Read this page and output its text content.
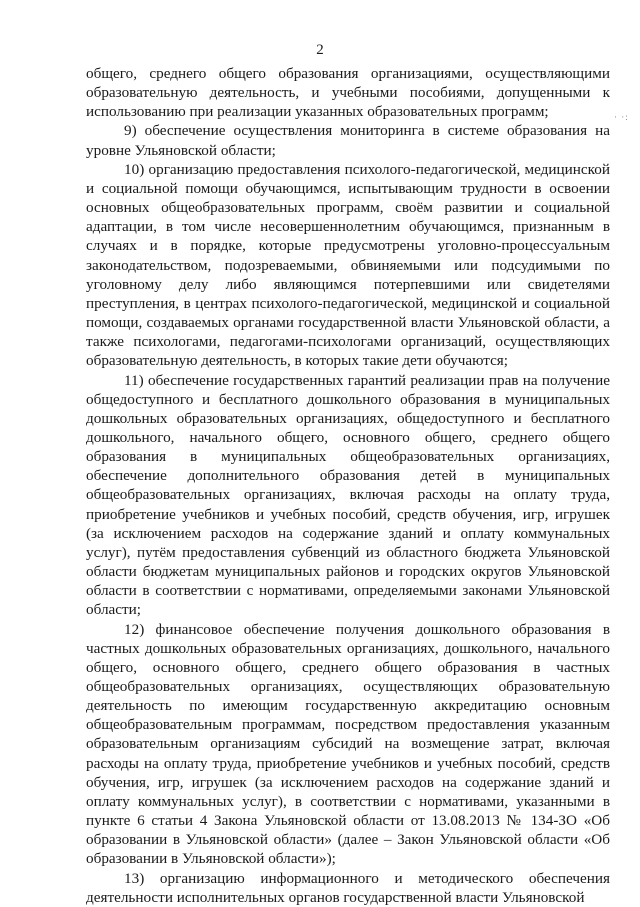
2
· ·:

общего, среднего общего образования организациями, осуществляющими образовательную деятельность, и учебными пособиями, допущенными к использованию при реализации указанных образовательных программ;

9) обеспечение осуществления мониторинга в системе образования на уровне Ульяновской области;

10) организацию предоставления психолого-педагогической, медицинской и социальной помощи обучающимся, испытывающим трудности в освоении основных общеобразовательных программ, своём развитии и социальной адаптации, в том числе несовершеннолетним обучающимся, признанным в случаях и в порядке, которые предусмотрены уголовно-процессуальным законодательством, подозреваемыми, обвиняемыми или подсудимыми по уголовному делу либо являющимся потерпевшими или свидетелями преступления, в центрах психолого-педагогической, медицинской и социальной помощи, создаваемых органами государственной власти Ульяновской области, а также психологами, педагогами-психологами организаций, осуществляющих образовательную деятельность, в которых такие дети обучаются;

11) обеспечение государственных гарантий реализации прав на получение общедоступного и бесплатного дошкольного образования в муниципальных дошкольных образовательных организациях, общедоступного и бесплатного дошкольного, начального общего, основного общего, среднего общего образования в муниципальных общеобразовательных организациях, обеспечение дополнительного образования детей в муниципальных общеобразовательных организациях, включая расходы на оплату труда, приобретение учебников и учебных пособий, средств обучения, игр, игрушек (за исключением расходов на содержание зданий и оплату коммунальных услуг), путём предоставления субвенций из областного бюджета Ульяновской области бюджетам муниципальных районов и городских округов Ульяновской области в соответствии с нормативами, определяемыми законами Ульяновской области;

12) финансовое обеспечение получения дошкольного образования в частных дошкольных образовательных организациях, дошкольного, начального общего, основного общего, среднего общего образования в частных общеобразовательных организациях, осуществляющих образовательную деятельность по имеющим государственную аккредитацию основным общеобразовательным программам, посредством предоставления указанным образовательным организациям субсидий на возмещение затрат, включая расходы на оплату труда, приобретение учебников и учебных пособий, средств обучения, игр, игрушек (за исключением расходов на содержание зданий и оплату коммунальных услуг), в соответствии с нормативами, указанными в пункте 6 статьи 4 Закона Ульяновской области от 13.08.2013 № 134-ЗО «Об образовании в Ульяновской области» (далее – Закон Ульяновской области «Об образовании в Ульяновской области»);

13) организацию информационного и методического обеспечения деятельности исполнительных органов государственной власти Ульяновской
